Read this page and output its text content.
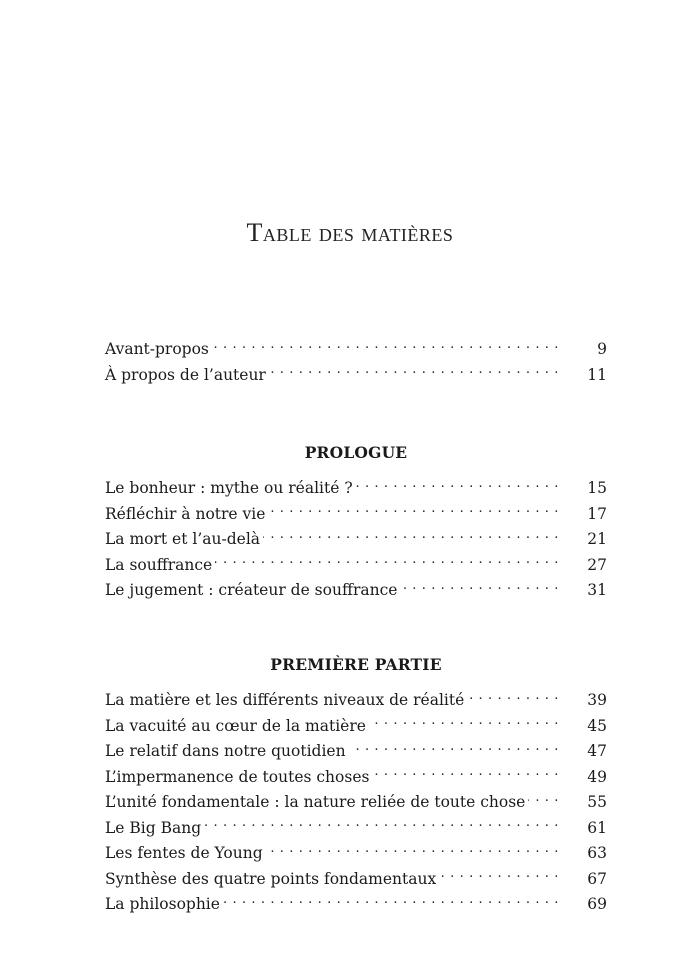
Table des matières
Avant-propos . . .	9
À propos de l’auteur . . .	11
PROLOGUE
Le bonheur : mythe ou réalité ? . . .	15
Réfléchir à notre vie . . .	17
La mort et l’au-delà . . .	21
La souffrance . . .	27
Le jugement : créateur de souffrance . . .	31
PREMIÈRE PARTIE
La matière et les différents niveaux de réalité . . .	39
La vacuité au cœur de la matière . . .	45
Le relatif dans notre quotidien . . .	47
L’impermanence de toutes choses . . .	49
L’unité fondamentale : la nature reliée de toute chose . . .	55
Le Big Bang . . .	61
Les fentes de Young . . .	63
Synthèse des quatre points fondamentaux . . .	67
La philosophie . . .	69
